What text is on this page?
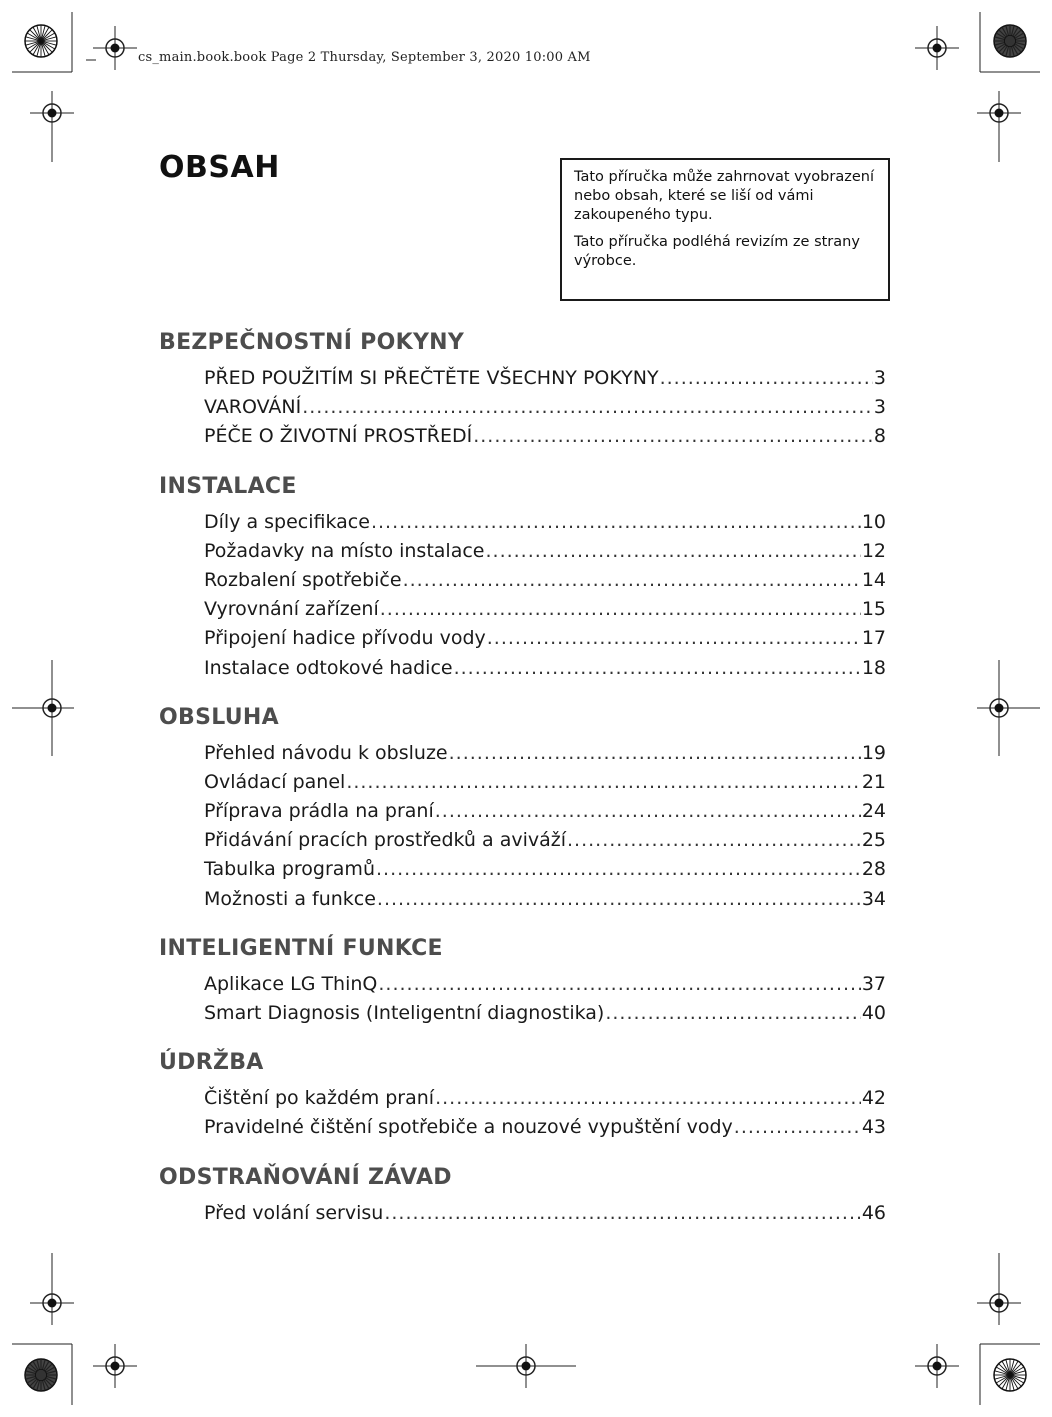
cs_main.book.book Page 2 Thursday, September 3, 2020 10:00 AM
OBSAH	Tato příručka může zahrnovat vyobrazení nebo obsah, které se liší od vámi zakoupeného typu.

Tato příručka podléhá revizím ze strany výrobce.

BEZPEČNOSTNÍ POKYNY
PŘED POUŽITÍM SI PŘEČTĚTE VŠECHNY POKYNY .....	3
VAROVÁNÍ .....	3
PÉČE O ŽIVOTNÍ PROSTŘEDÍ .....	8
INSTALACE
Díly a specifikace .....	10
Požadavky na místo instalace .....	12
Rozbalení spotřebiče .....	14
Vyrovnání zařízení .....	15
Připojení hadice přívodu vody .....	17
Instalace odtokové hadice .....	18
OBSLUHA
Přehled návodu k obsluze .....	19
Ovládací panel .....	21
Příprava prádla na praní .....	24
Přidávání pracích prostředků a aviváží .....	25
Tabulka programů .....	28
Možnosti a funkce .....	34
INTELIGENTNÍ FUNKCE
Aplikace LG ThinQ .....	37
Smart Diagnosis (Inteligentní diagnostika) .....	40
ÚDRŽBA
Čištění po každém praní .....	42
Pravidelné čištění spotřebiče a nouzové vypuštění vody .....	43
ODSTRAŇOVÁNÍ ZÁVAD
Před volání servisu .....	46
